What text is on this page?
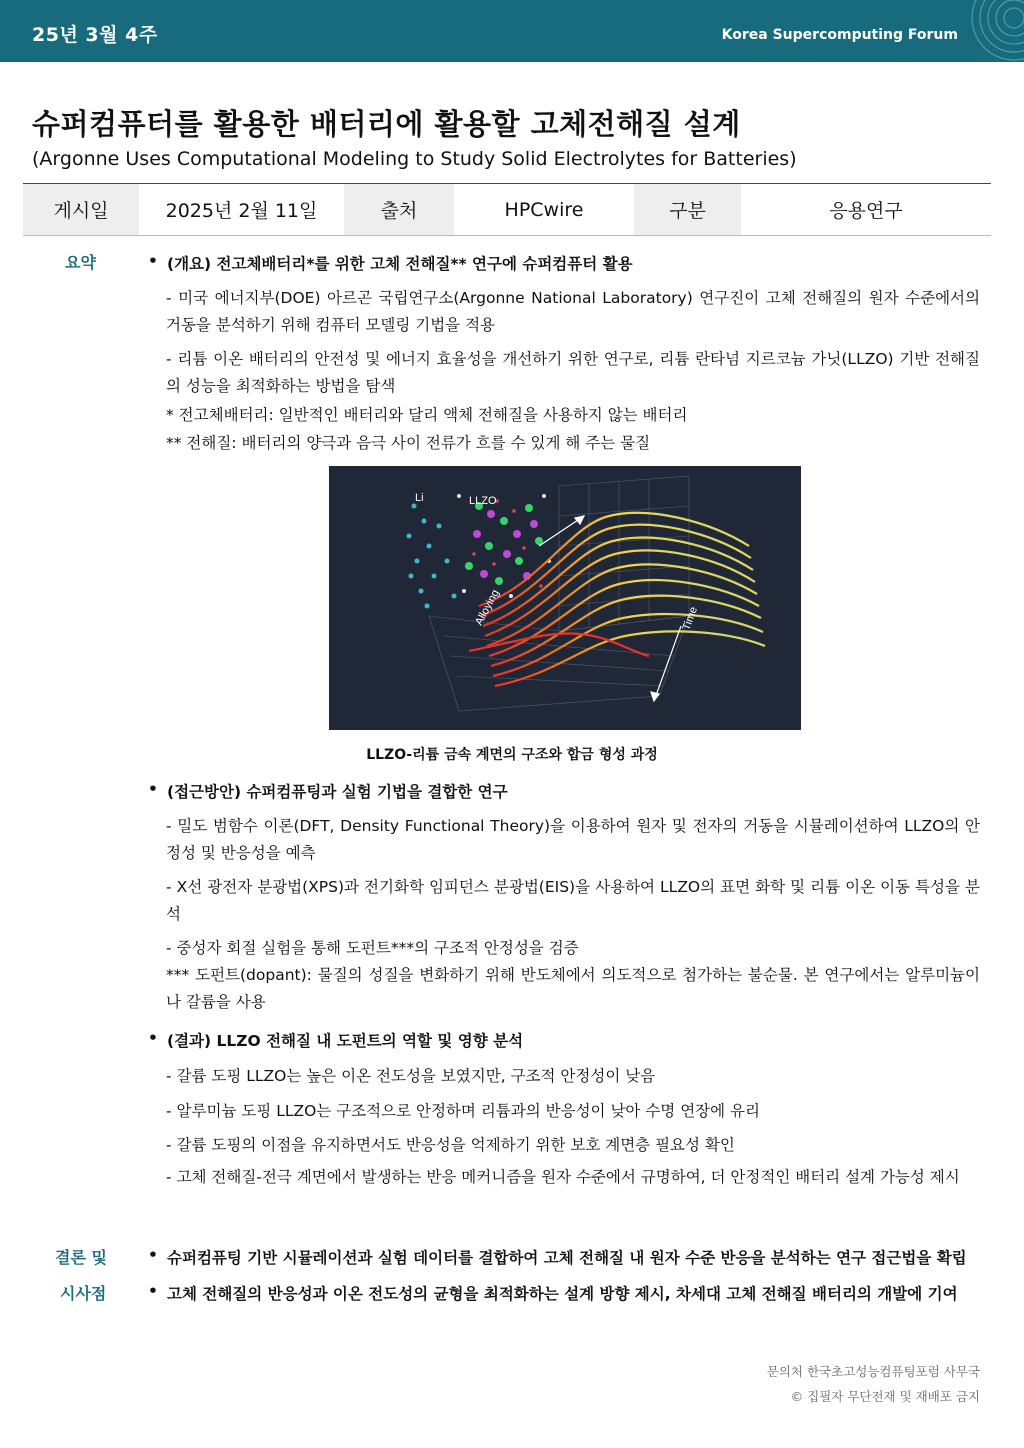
25년 3월 4주	Korea Supercomputing Forum
슈퍼컴퓨터를 활용한 배터리에 활용할 고체전해질 설계
(Argonne Uses Computational Modeling to Study Solid Electrolytes for Batteries)
게시일	2025년 2월 11일	출처	HPCwire	구분	응용연구
요약	(개요) 전고체배터리*를 위한 고체 전해질** 연구에 슈퍼컴퓨터 활용
- 미국 에너지부(DOE) 아르곤 국립연구소(Argonne National Laboratory) 연구진이 고체 전해질의 원자 수준에서의 거동을 분석하기 위해 컴퓨터 모델링 기법을 적용
- 리튬 이온 배터리의 안전성 및 에너지 효율성을 개선하기 위한 연구로, 리튬 란타넘 지르코늄 가닛(LLZO) 기반 전해질의 성능을 최적화하는 방법을 탐색
* 전고체배터리: 일반적인 배터리와 달리 액체 전해질을 사용하지 않는 배터리
** 전해질: 배터리의 양극과 음극 사이 전류가 흐를 수 있게 해 주는 물질
Li	LLZO
Alloying	Time
LLZO-리튬 금속 계면의 구조와 합금 형성 과정
(접근방안) 슈퍼컴퓨팅과 실험 기법을 결합한 연구
- 밀도 범함수 이론(DFT, Density Functional Theory)을 이용하여 원자 및 전자의 거동을 시뮬레이션하여 LLZO의 안정성 및 반응성을 예측
- X선 광전자 분광법(XPS)과 전기화학 임피던스 분광법(EIS)을 사용하여 LLZO의 표면 화학 및 리튬 이온 이동 특성을 분석
- 중성자 회절 실험을 통해 도펀트***의 구조적 안정성을 검증
*** 도펀트(dopant): 물질의 성질을 변화하기 위해 반도체에서 의도적으로 첨가하는 불순물. 본 연구에서는 알루미늄이나 갈륨을 사용
(결과) LLZO 전해질 내 도펀트의 역할 및 영향 분석
- 갈륨 도핑 LLZO는 높은 이온 전도성을 보였지만, 구조적 안정성이 낮음
- 알루미늄 도핑 LLZO는 구조적으로 안정하며 리튬과의 반응성이 낮아 수명 연장에 유리
- 갈륨 도핑의 이점을 유지하면서도 반응성을 억제하기 위한 보호 계면층 필요성 확인
- 고체 전해질-전극 계면에서 발생하는 반응 메커니즘을 원자 수준에서 규명하여, 더 안정적인 배터리 설계 가능성 제시
결론 및
시사점
슈퍼컴퓨팅 기반 시뮬레이션과 실험 데이터를 결합하여 고체 전해질 내 원자 수준 반응을 분석하는 연구 접근법을 확립
고체 전해질의 반응성과 이온 전도성의 균형을 최적화하는 설계 방향 제시, 차세대 고체 전해질 배터리의 개발에 기여
문의처 한국초고성능컴퓨팅포럼 사무국
© 집필자 무단전재 및 재배포 금지
